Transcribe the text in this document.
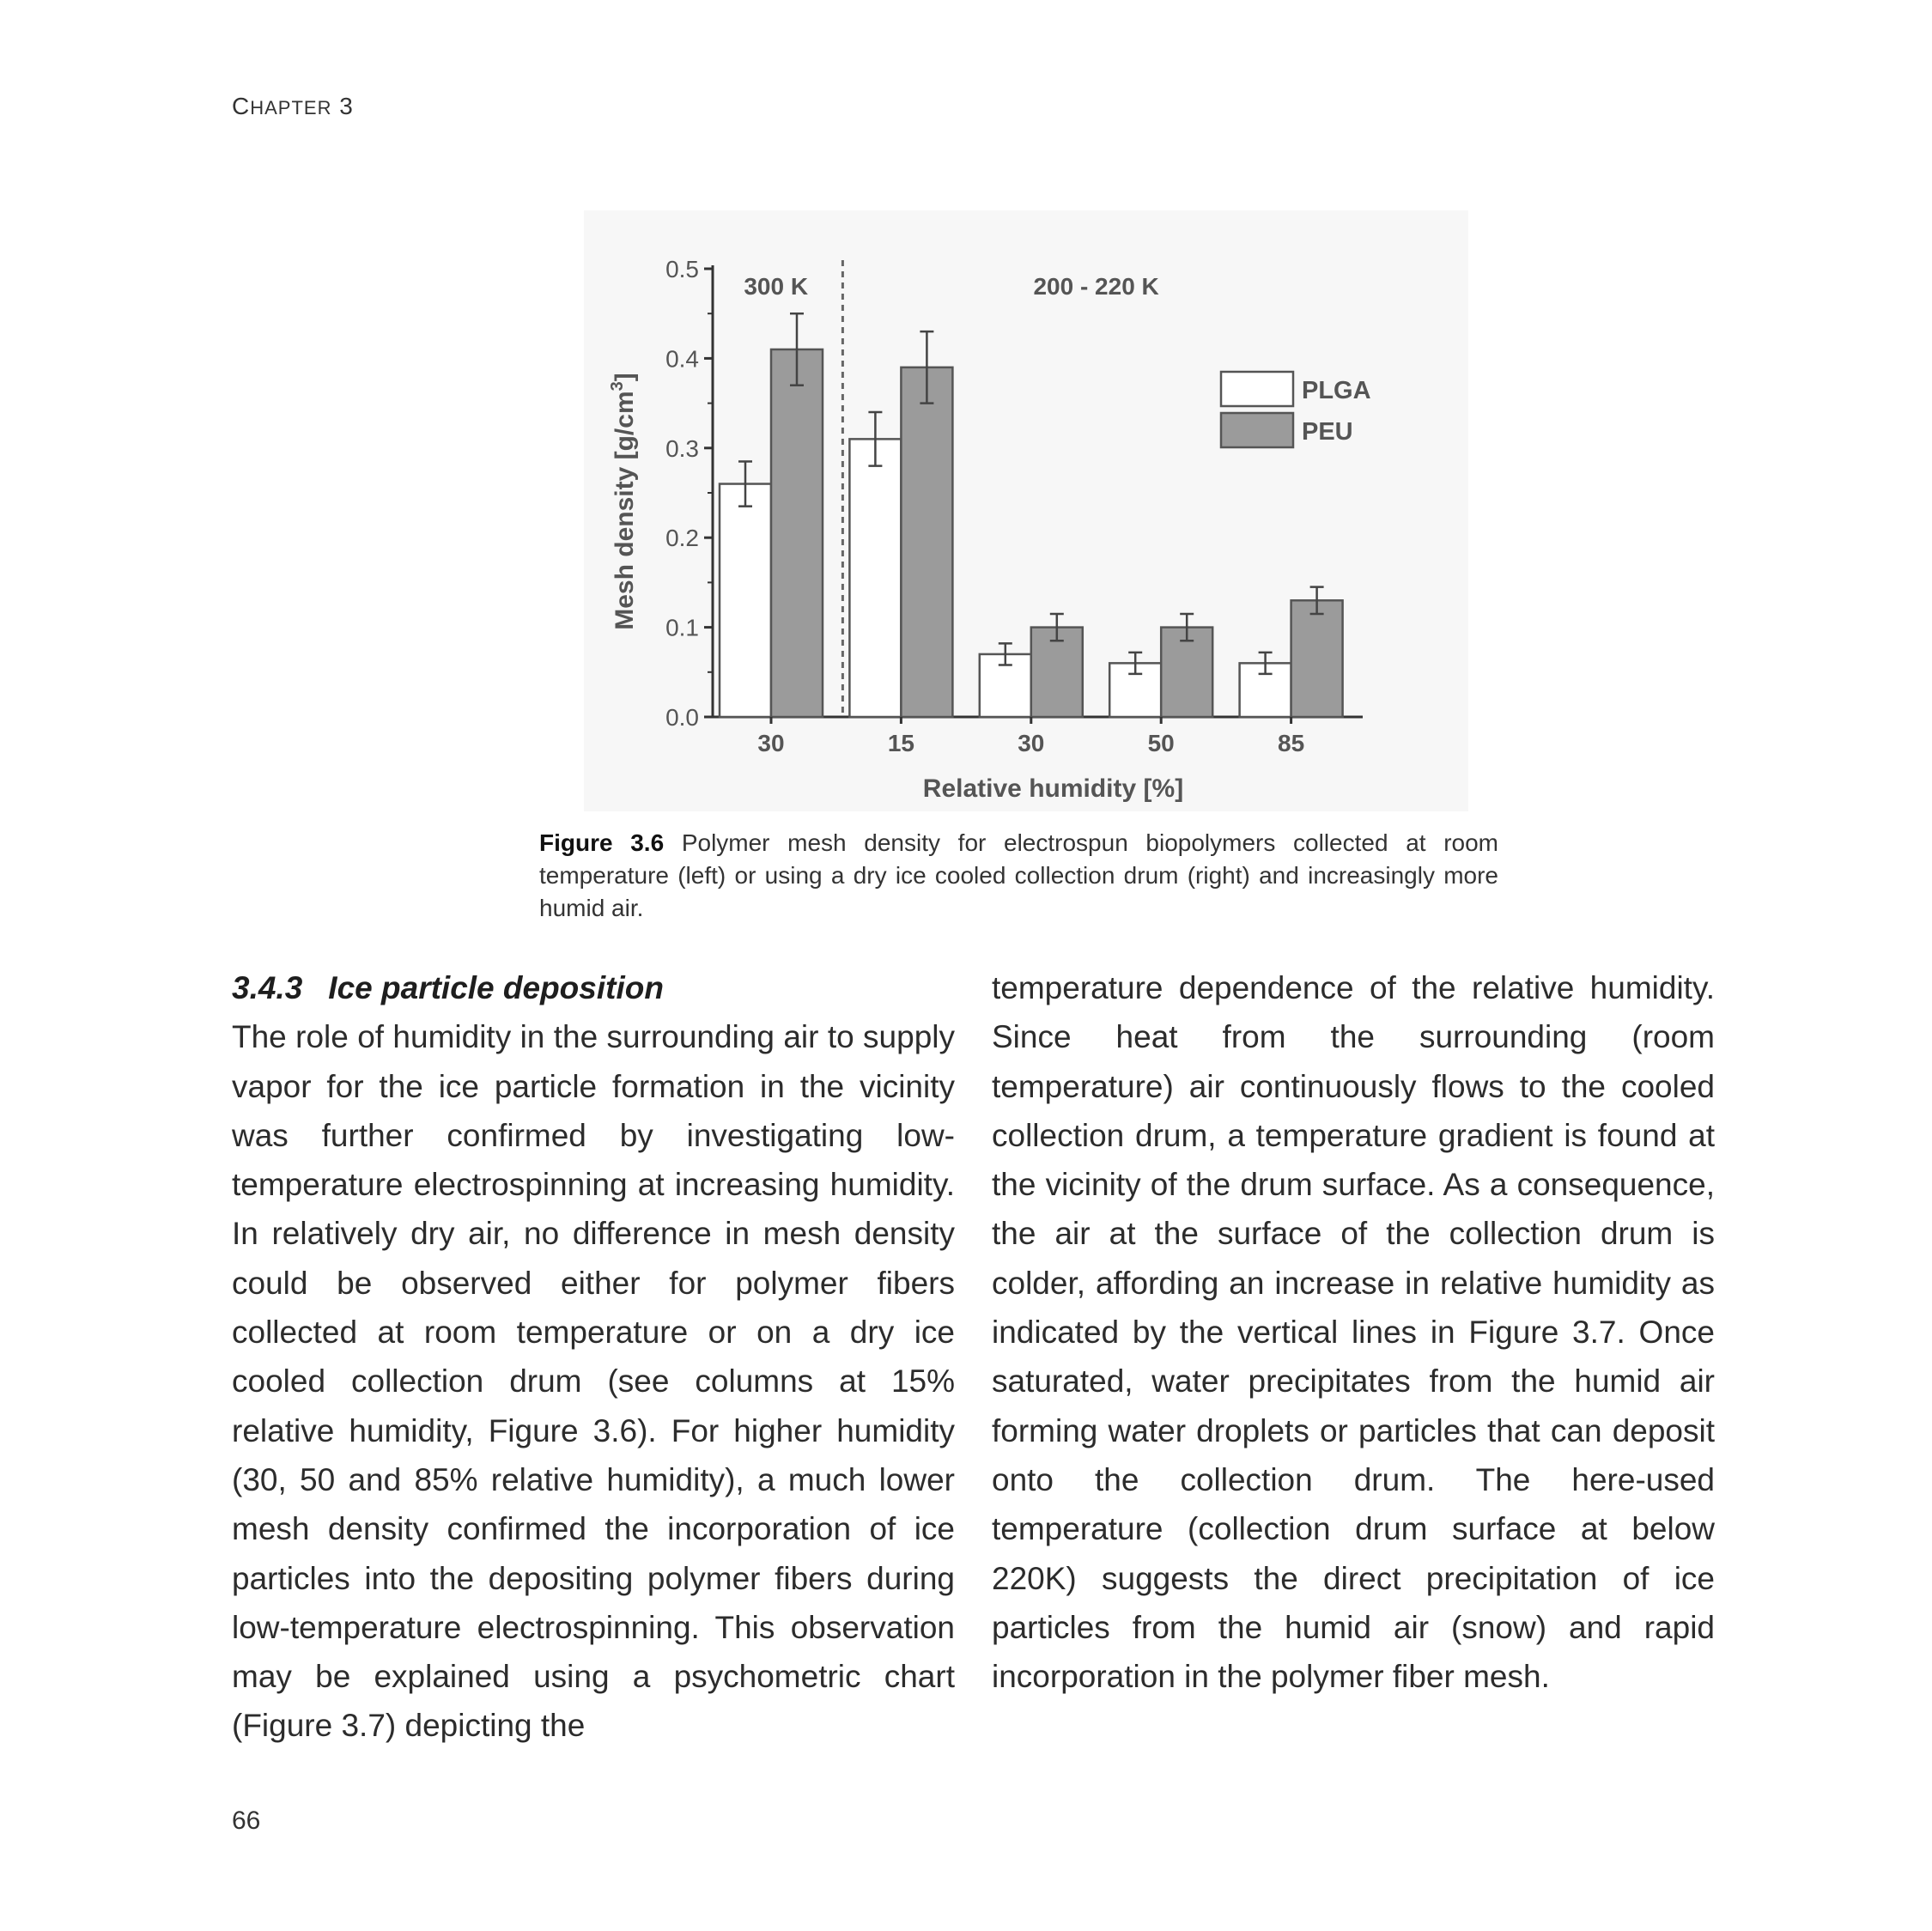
CHAPTER 3
0.0
0.1
0.2
0.3
0.4
0.5
30	15	30	50	85
300 K	200 - 220 K
PLGA
PEU
Relative humidity [%]
Mesh density $[g/cm^3]$
Figure 3.6 Polymer mesh density for electrospun biopolymers collected at room temperature (left) or using a dry ice cooled collection drum (right) and increasingly more humid air.
3.4.3 Ice particle deposition
The role of humidity in the surrounding air to supply vapor for the ice particle formation in the vicinity was further confirmed by investigating low-temperature electrospinning at increasing humidity. In relatively dry air, no difference in mesh density could be observed either for polymer fibers collected at room temperature or on a dry ice cooled collection drum (see columns at 15% relative humidity, Figure 3.6). For higher humidity (30, 50 and 85% relative humidity), a much lower mesh density confirmed the incorporation of ice particles into the depositing polymer fibers during low-temperature electrospinning. This observation may be explained using a psychometric chart (Figure 3.7) depicting the
temperature dependence of the relative humidity. Since heat from the surrounding (room temperature) air continuously flows to the cooled collection drum, a temperature gradient is found at the vicinity of the drum surface. As a consequence, the air at the surface of the collection drum is colder, affording an increase in relative humidity as indicated by the vertical lines in Figure 3.7. Once saturated, water precipitates from the humid air forming water droplets or particles that can deposit onto the collection drum. The here-used temperature (collection drum surface at below 220K) suggests the direct precipitation of ice particles from the humid air (snow) and rapid incorporation in the polymer fiber mesh.
66
